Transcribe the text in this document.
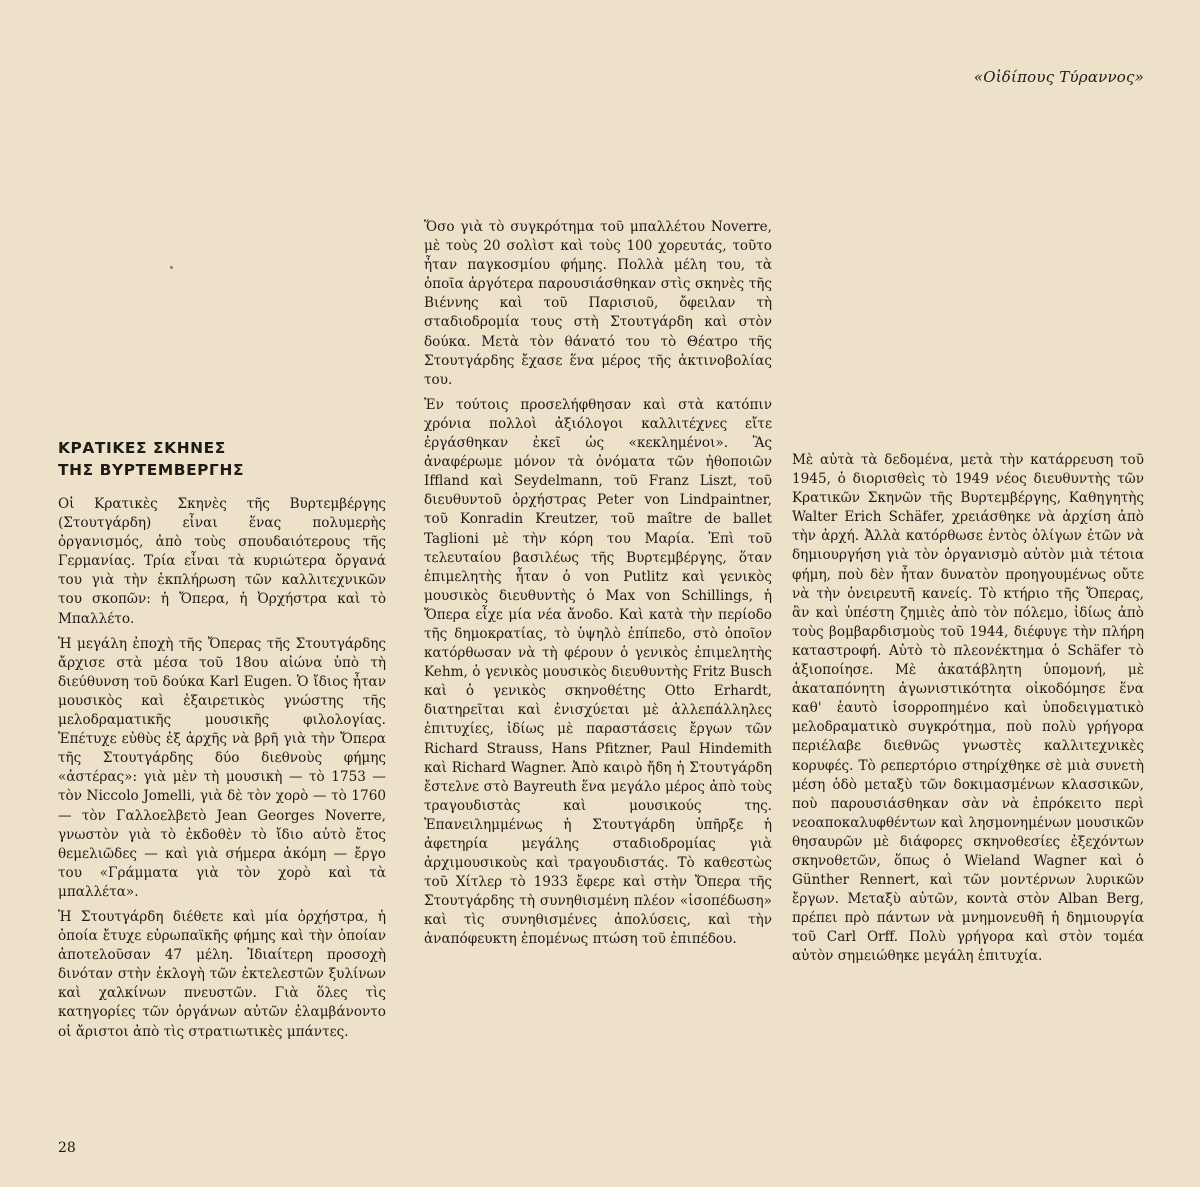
«Οἰδίπους Τύραννος»
ΚΡΑΤΙΚΕΣ ΣΚΗΝΕΣ
ΤΗΣ ΒΥΡΤΕΜΒΕΡΓΗΣ

Οἱ Κρατικὲς Σκηνὲς τῆς Βυρτεμβέργης (Στουτγάρδη) εἶναι ἕνας πολυμερὴς ὀργανισμός, ἀπὸ τοὺς σπουδαιότερους τῆς Γερμανίας. Τρία εἶναι τὰ κυριώτερα ὄργανά του γιὰ τὴν ἐκπλήρωση τῶν καλλιτεχνικῶν του σκοπῶν: ἡ Ὄπερα, ἡ Ὀρχήστρα καὶ τὸ Μπαλλέτο.

Ἡ μεγάλη ἐποχὴ τῆς Ὄπερας τῆς Στουτγάρδης ἄρχισε στὰ μέσα τοῦ 18ου αἰώνα ὑπὸ τὴ διεύθυνση τοῦ δούκα Karl Eugen. Ὁ ἴδιος ἦταν μουσικὸς καὶ ἐξαιρετικὸς γνώστης τῆς μελοδραματικῆς μουσικῆς φιλολογίας. Ἐπέτυχε εὐθὺς ἐξ ἀρχῆς νὰ βρῆ γιὰ τὴν Ὄπερα τῆς Στουτγάρδης δύο διεθνοὺς φήμης «ἀστέρας»: γιὰ μὲν τὴ μουσικὴ — τὸ 1753 — τὸν Niccolo Jomelli, γιὰ δὲ τὸν χορὸ — τὸ 1760 — τὸν Γαλλοελβετὸ Jean Georges Noverre, γνωστὸν γιὰ τὸ ἐκδοθὲν τὸ ἴδιο αὐτὸ ἔτος θεμελιῶδες — καὶ γιὰ σήμερα ἀκόμη — ἔργο του «Γράμματα γιὰ τὸν χορὸ καὶ τὰ μπαλλέτα».

Ἡ Στουτγάρδη διέθετε καὶ μία ὀρχήστρα, ἡ ὁποία ἔτυχε εὐρωπαϊκῆς φήμης καὶ τὴν ὁποίαν ἀποτελοῦσαν 47 μέλη. Ἰδιαίτερη προσοχὴ δινόταν στὴν ἐκλογὴ τῶν ἐκτελεστῶν ξυλίνων καὶ χαλκίνων πνευστῶν. Γιὰ ὅλες τὶς κατηγορίες τῶν ὀργάνων αὐτῶν ἐλαμβάνοντο οἱ ἄριστοι ἀπὸ τὶς στρατιωτικὲς μπάντες.

Ὅσο γιὰ τὸ συγκρότημα τοῦ μπαλλέτου Noverre, μὲ τοὺς 20 σολὶστ καὶ τοὺς 100 χορευτάς, τοῦτο ἦταν παγκοσμίου φήμης. Πολλὰ μέλη του, τὰ ὁποῖα ἀργότερα παρουσιάσθηκαν στὶς σκηνὲς τῆς Βιέννης καὶ τοῦ Παρισιοῦ, ὄφειλαν τὴ σταδιοδρομία τους στὴ Στουτγάρδη καὶ στὸν δούκα. Μετὰ τὸν θάνατό του τὸ Θέατρο τῆς Στουτγάρδης ἔχασε ἕνα μέρος τῆς ἀκτινοβολίας του.

Ἐν τούτοις προσελήφθησαν καὶ στὰ κατόπιν χρόνια πολλοὶ ἀξιόλογοι καλλιτέχνες εἴτε ἐργάσθηκαν ἐκεῖ ὡς «κεκλημένοι». Ἂς ἀναφέρωμε μόνον τὰ ὀνόματα τῶν ἠθοποιῶν Iffland καὶ Seydelmann, τοῦ Franz Liszt, τοῦ διευθυντοῦ ὀρχήστρας Peter von Lindpaintner, τοῦ Konradin Kreutzer, τοῦ maître de ballet Taglioni μὲ τὴν κόρη του Μαρία. Ἐπὶ τοῦ τελευταίου βασιλέως τῆς Βυρτεμβέργης, ὅταν ἐπιμελητὴς ἦταν ὁ von Putlitz καὶ γενικὸς μουσικὸς διευθυντὴς ὁ Max von Schillings, ἡ Ὄπερα εἶχε μία νέα ἄνοδο. Καὶ κατὰ τὴν περίοδο τῆς δημοκρατίας, τὸ ὑψηλὸ ἐπίπεδο, στὸ ὁποῖον κατόρθωσαν νὰ τὴ φέρουν ὁ γενικὸς ἐπιμελητὴς Kehm, ὁ γενικὸς μουσικὸς διευθυντὴς Fritz Busch καὶ ὁ γενικὸς σκηνοθέτης Otto Erhardt, διατηρεῖται καὶ ἐνισχύεται μὲ ἀλλεπάλληλες ἐπιτυχίες, ἰδίως μὲ παραστάσεις ἔργων τῶν Richard Strauss, Hans Pfitzner, Paul Hindemith καὶ Richard Wagner. Ἀπὸ καιρὸ ἤδη ἡ Στουτγάρδη ἔστελνε στὸ Bayreuth ἕνα μεγάλο μέρος ἀπὸ τοὺς τραγουδιστὰς καὶ μουσικούς της. Ἐπανειλημμένως ἡ Στουτγάρδη ὑπῆρξε ἡ ἀφετηρία μεγάλης σταδιοδρομίας γιὰ ἀρχιμουσικοὺς καὶ τραγουδιστάς. Τὸ καθεστὼς τοῦ Χίτλερ τὸ 1933 ἔφερε καὶ στὴν Ὄπερα τῆς Στουτγάρδης τὴ συνηθισμένη πλέον «ἰσοπέδωση» καὶ τὶς συνηθισμένες ἀπολύσεις, καὶ τὴν ἀναπόφευκτη ἐπομένως πτώση τοῦ ἐπιπέδου.

Μὲ αὐτὰ τὰ δεδομένα, μετὰ τὴν κατάρρευση τοῦ 1945, ὁ διορισθεὶς τὸ 1949 νέος διευθυντὴς τῶν Κρατικῶν Σκηνῶν τῆς Βυρτεμβέργης, Καθηγητὴς Walter Erich Schäfer, χρειάσθηκε νὰ ἀρχίση ἀπὸ τὴν ἀρχή. Ἀλλὰ κατόρθωσε ἐντὸς ὀλίγων ἐτῶν νὰ δημιουργήση γιὰ τὸν ὀργανισμὸ αὐτὸν μιὰ τέτοια φήμη, ποὺ δὲν ἦταν δυνατὸν προηγουμένως οὔτε νὰ τὴν ὀνειρευτῆ κανείς. Τὸ κτήριο τῆς Ὄπερας, ἂν καὶ ὑπέστη ζημιὲς ἀπὸ τὸν πόλεμο, ἰδίως ἀπὸ τοὺς βομβαρδισμοὺς τοῦ 1944, διέφυγε τὴν πλήρη καταστροφή. Αὐτὸ τὸ πλεονέκτημα ὁ Schäfer τὸ ἀξιοποίησε. Μὲ ἀκατάβλητη ὑπομονή, μὲ ἀκαταπόνητη ἀγωνιστικότητα οἰκοδόμησε ἕνα καθ' ἑαυτὸ ἰσορροπημένο καὶ ὑποδειγματικὸ μελοδραματικὸ συγκρότημα, ποὺ πολὺ γρήγορα περιέλαβε διεθνῶς γνωστὲς καλλιτεχνικὲς κορυφές. Τὸ ρεπερτόριο στηρίχθηκε σὲ μιὰ συνετὴ μέση ὁδὸ μεταξὺ τῶν δοκιμασμένων κλασσικῶν, ποὺ παρουσιάσθηκαν σὰν νὰ ἐπρόκειτο περὶ νεοαποκαλυφθέντων καὶ λησμονημένων μουσικῶν θησαυρῶν μὲ διάφορες σκηνοθεσίες ἐξεχόντων σκηνοθετῶν, ὅπως ὁ Wieland Wagner καὶ ὁ Günther Rennert, καὶ τῶν μοντέρνων λυρικῶν ἔργων. Μεταξὺ αὐτῶν, κοντὰ στὸν Alban Berg, πρέπει πρὸ πάντων νὰ μνημονευθῆ ἡ δημιουργία τοῦ Carl Orff. Πολὺ γρήγορα καὶ στὸν τομέα αὐτὸν σημειώθηκε μεγάλη ἐπιτυχία.

28
